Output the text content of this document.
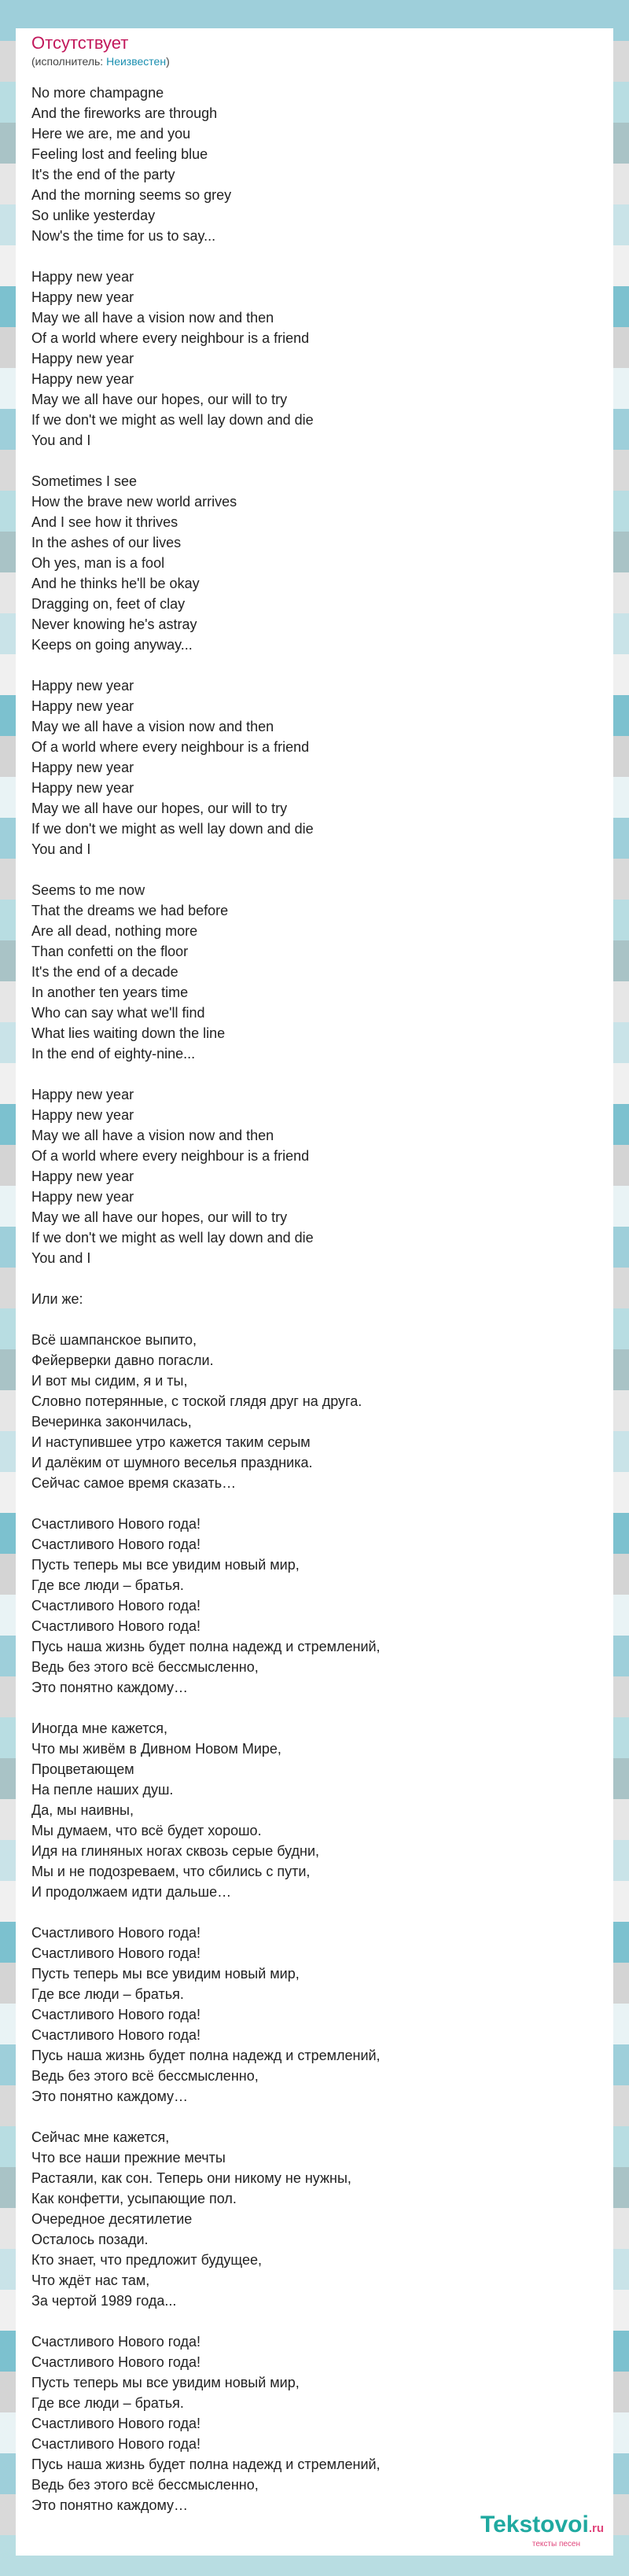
Отсутствует
(исполнитель: Неизвестен)
No more champagne
And the fireworks are through
Here we are, me and you
Feeling lost and feeling blue
It's the end of the party
And the morning seems so grey
So unlike yesterday
Now's the time for us to say...
Happy new year
Happy new year
May we all have a vision now and then
Of a world where every neighbour is a friend
Happy new year
Happy new year
May we all have our hopes, our will to try
If we don't we might as well lay down and die
You and I
Sometimes I see
How the brave new world arrives
And I see how it thrives
In the ashes of our lives
Oh yes, man is a fool
And he thinks he'll be okay
Dragging on, feet of clay
Never knowing he's astray
Keeps on going anyway...
Happy new year
Happy new year
May we all have a vision now and then
Of a world where every neighbour is a friend
Happy new year
Happy new year
May we all have our hopes, our will to try
If we don't we might as well lay down and die
You and I
Seems to me now
That the dreams we had before
Are all dead, nothing more
Than confetti on the floor
It's the end of a decade
In another ten years time
Who can say what we'll find
What lies waiting down the line
In the end of eighty-nine...
Happy new year
Happy new year
May we all have a vision now and then
Of a world where every neighbour is a friend
Happy new year
Happy new year
May we all have our hopes, our will to try
If we don't we might as well lay down and die
You and I
Или же:
Всё шампанское выпито,
Фейерверки давно погасли.
И вот мы сидим, я и ты,
Словно потерянные, с тоской глядя друг на друга.
Вечеринка закончилась,
И наступившее утро кажется таким серым
И далёким от шумного веселья праздника.
Сейчас самое время сказать…
Счастливого Нового года!
Счастливого Нового года!
Пусть теперь мы все увидим новый мир,
Где все люди – братья.
Счастливого Нового года!
Счастливого Нового года!
Пусь наша жизнь будет полна надежд и стремлений,
Ведь без этого всё бессмысленно,
Это понятно каждому…
Иногда мне кажется,
Что мы живём в Дивном Новом Мире,
Процветающем
На пепле наших душ.
Да, мы наивны,
Мы думаем, что всё будет хорошо.
Идя на глиняных ногах сквозь серые будни,
Мы и не подозреваем, что сбились с пути,
И продолжаем идти дальше…
Счастливого Нового года!
Счастливого Нового года!
Пусть теперь мы все увидим новый мир,
Где все люди – братья.
Счастливого Нового года!
Счастливого Нового года!
Пусь наша жизнь будет полна надежд и стремлений,
Ведь без этого всё бессмысленно,
Это понятно каждому…
Сейчас мне кажется,
Что все наши прежние мечты
Растаяли, как сон. Теперь они никому не нужны,
Как конфетти, усыпающие пол.
Очередное десятилетие
Осталось позади.
Кто знает, что предложит будущее,
Что ждёт нас там,
За чертой 1989 года...
Счастливого Нового года!
Счастливого Нового года!
Пусть теперь мы все увидим новый мир,
Где все люди – братья.
Счастливого Нового года!
Счастливого Нового года!
Пусь наша жизнь будет полна надежд и стремлений,
Ведь без этого всё бессмысленно,
Это понятно каждому…
Tekstovoi.ru
тексты песен
